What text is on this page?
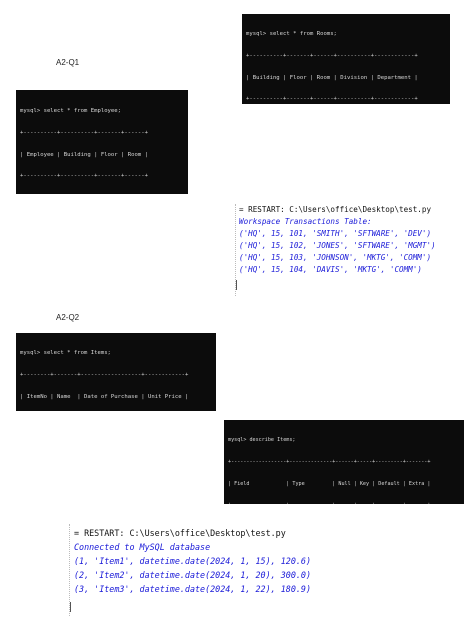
A2-Q1

mysql> select * from Rooms;

+----------+-------+------+----------+------------+

| Building | Floor | Room | Division | Department |

+----------+-------+------+----------+------------+

mysql> select * from Employee;

+----------+----------+-------+------+

| Employee | Building | Floor | Room |

+----------+----------+-------+------+

= RESTART: C:\Users\office\Desktop\test.py
Workspace Transactions Table:
('HQ', 15, 101, 'SMITH', 'SFTWARE', 'DEV')
('HQ', 15, 102, 'JONES', 'SFTWARE', 'MGMT')
('HQ', 15, 103, 'JOHNSON', 'MKTG', 'COMM')
('HQ', 15, 104, 'DAVIS', 'MKTG', 'COMM')
A2-Q2

mysql> select * from Items;

+--------+-------+------------------+------------+

| ItemNo | Name  | Date of Purchase | Unit Price |

mysql> describe Items;

+------------------+--------------+------+-----+---------+-------+

| Field            | Type         | Null | Key | Default | Extra |

= RESTART: C:\Users\office\Desktop\test.py
Connected to MySQL database
(1, 'Item1', datetime.date(2024, 1, 15), 120.6)
(2, 'Item2', datetime.date(2024, 1, 20), 300.0)
(3, 'Item3', datetime.date(2024, 1, 22), 180.9)
